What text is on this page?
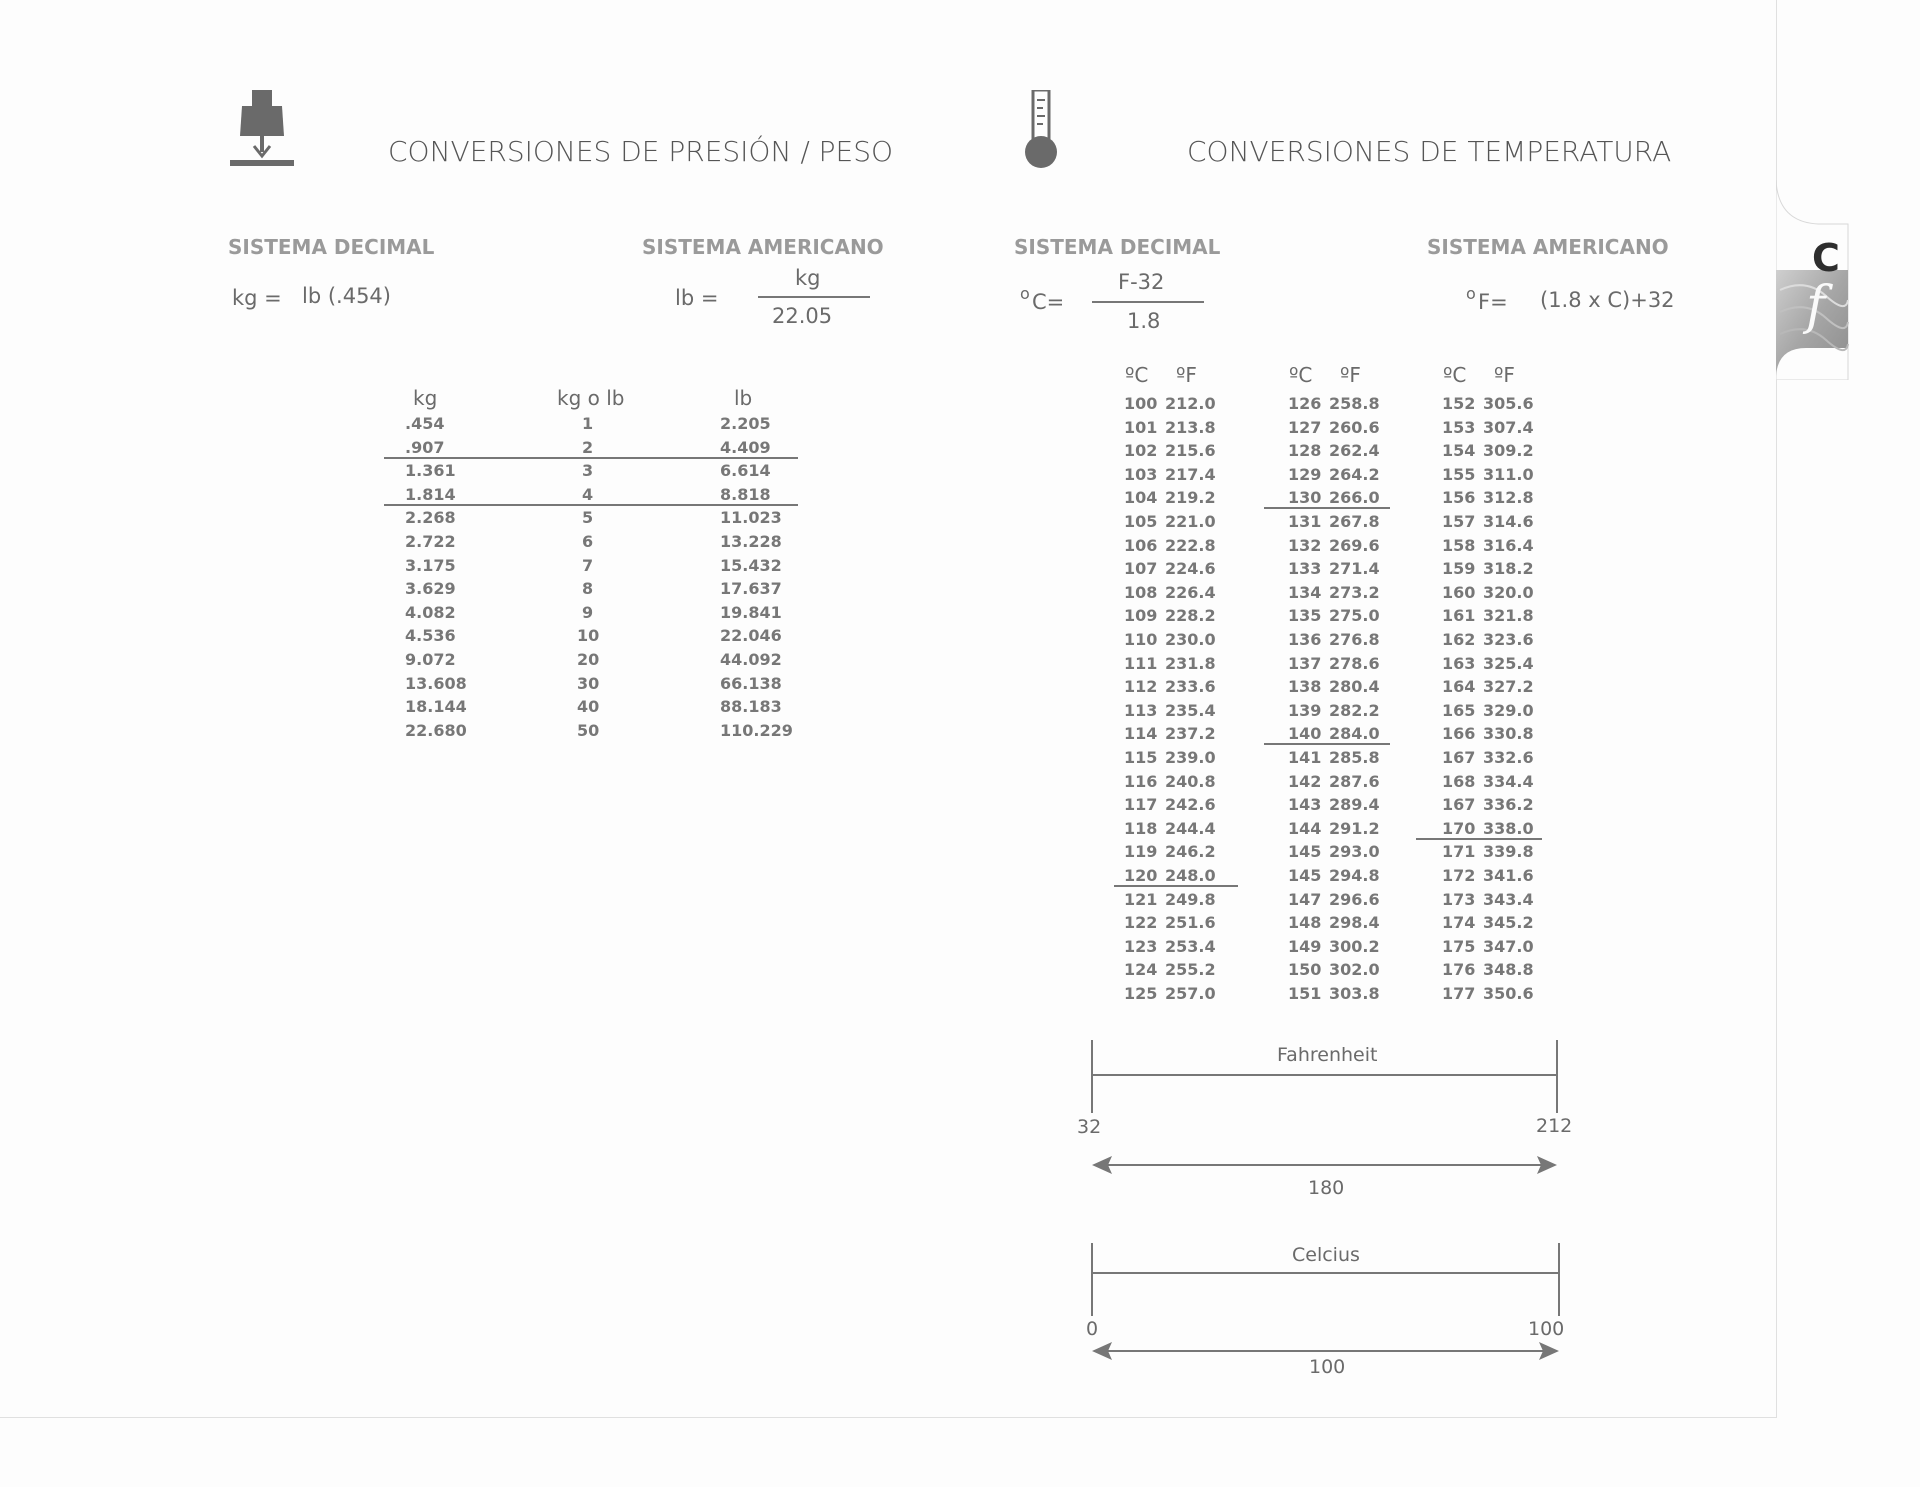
C
f
CONVERSIONES DE PRESIÓN / PESO
SISTEMA DECIMAL	SISTEMA AMERICANO
kg = lb (.454)	lb =
kg
22.05
kg	kg o lb	lb
.454	1	2.205
.907	2	4.409
1.361	3	6.614
1.814	4	8.818
2.268	5	11.023
2.722	6	13.228
3.175	7	15.432
3.629	8	17.637
4.082	9	19.841
4.536	10	22.046
9.072	20	44.092
13.608	30	66.138
18.144	40	88.183
22.680	50	110.229
CONVERSIONES DE TEMPERATURA
SISTEMA DECIMAL	SISTEMA AMERICANO
o C=
F-32
1.8
o F= (1.8 x C)+32
ºC ºF
100 212.0
101 213.8
102 215.6
103 217.4
104 219.2
105 221.0
106 222.8
107 224.6
108 226.4
109 228.2
110 230.0
111 231.8
112 233.6
113 235.4
114 237.2
115 239.0
116 240.8
117 242.6
118 244.4
119 246.2
120 248.0
121 249.8
122 251.6
123 253.4
124 255.2
125 257.0
ºC ºF
126 258.8
127 260.6
128 262.4
129 264.2
130 266.0
131 267.8
132 269.6
133 271.4
134 273.2
135 275.0
136 276.8
137 278.6
138 280.4
139 282.2
140 284.0
141 285.8
142 287.6
143 289.4
144 291.2
145 293.0
145 294.8
147 296.6
148 298.4
149 300.2
150 302.0
151 303.8
ºC ºF
152 305.6
153 307.4
154 309.2
155 311.0
156 312.8
157 314.6
158 316.4
159 318.2
160 320.0
161 321.8
162 323.6
163 325.4
164 327.2
165 329.0
166 330.8
167 332.6
168 334.4
167 336.2
170 338.0
171 339.8
172 341.6
173 343.4
174 345.2
175 347.0
176 348.8
177 350.6
Fahrenheit
32	212
180
Celcius
0	100
100
